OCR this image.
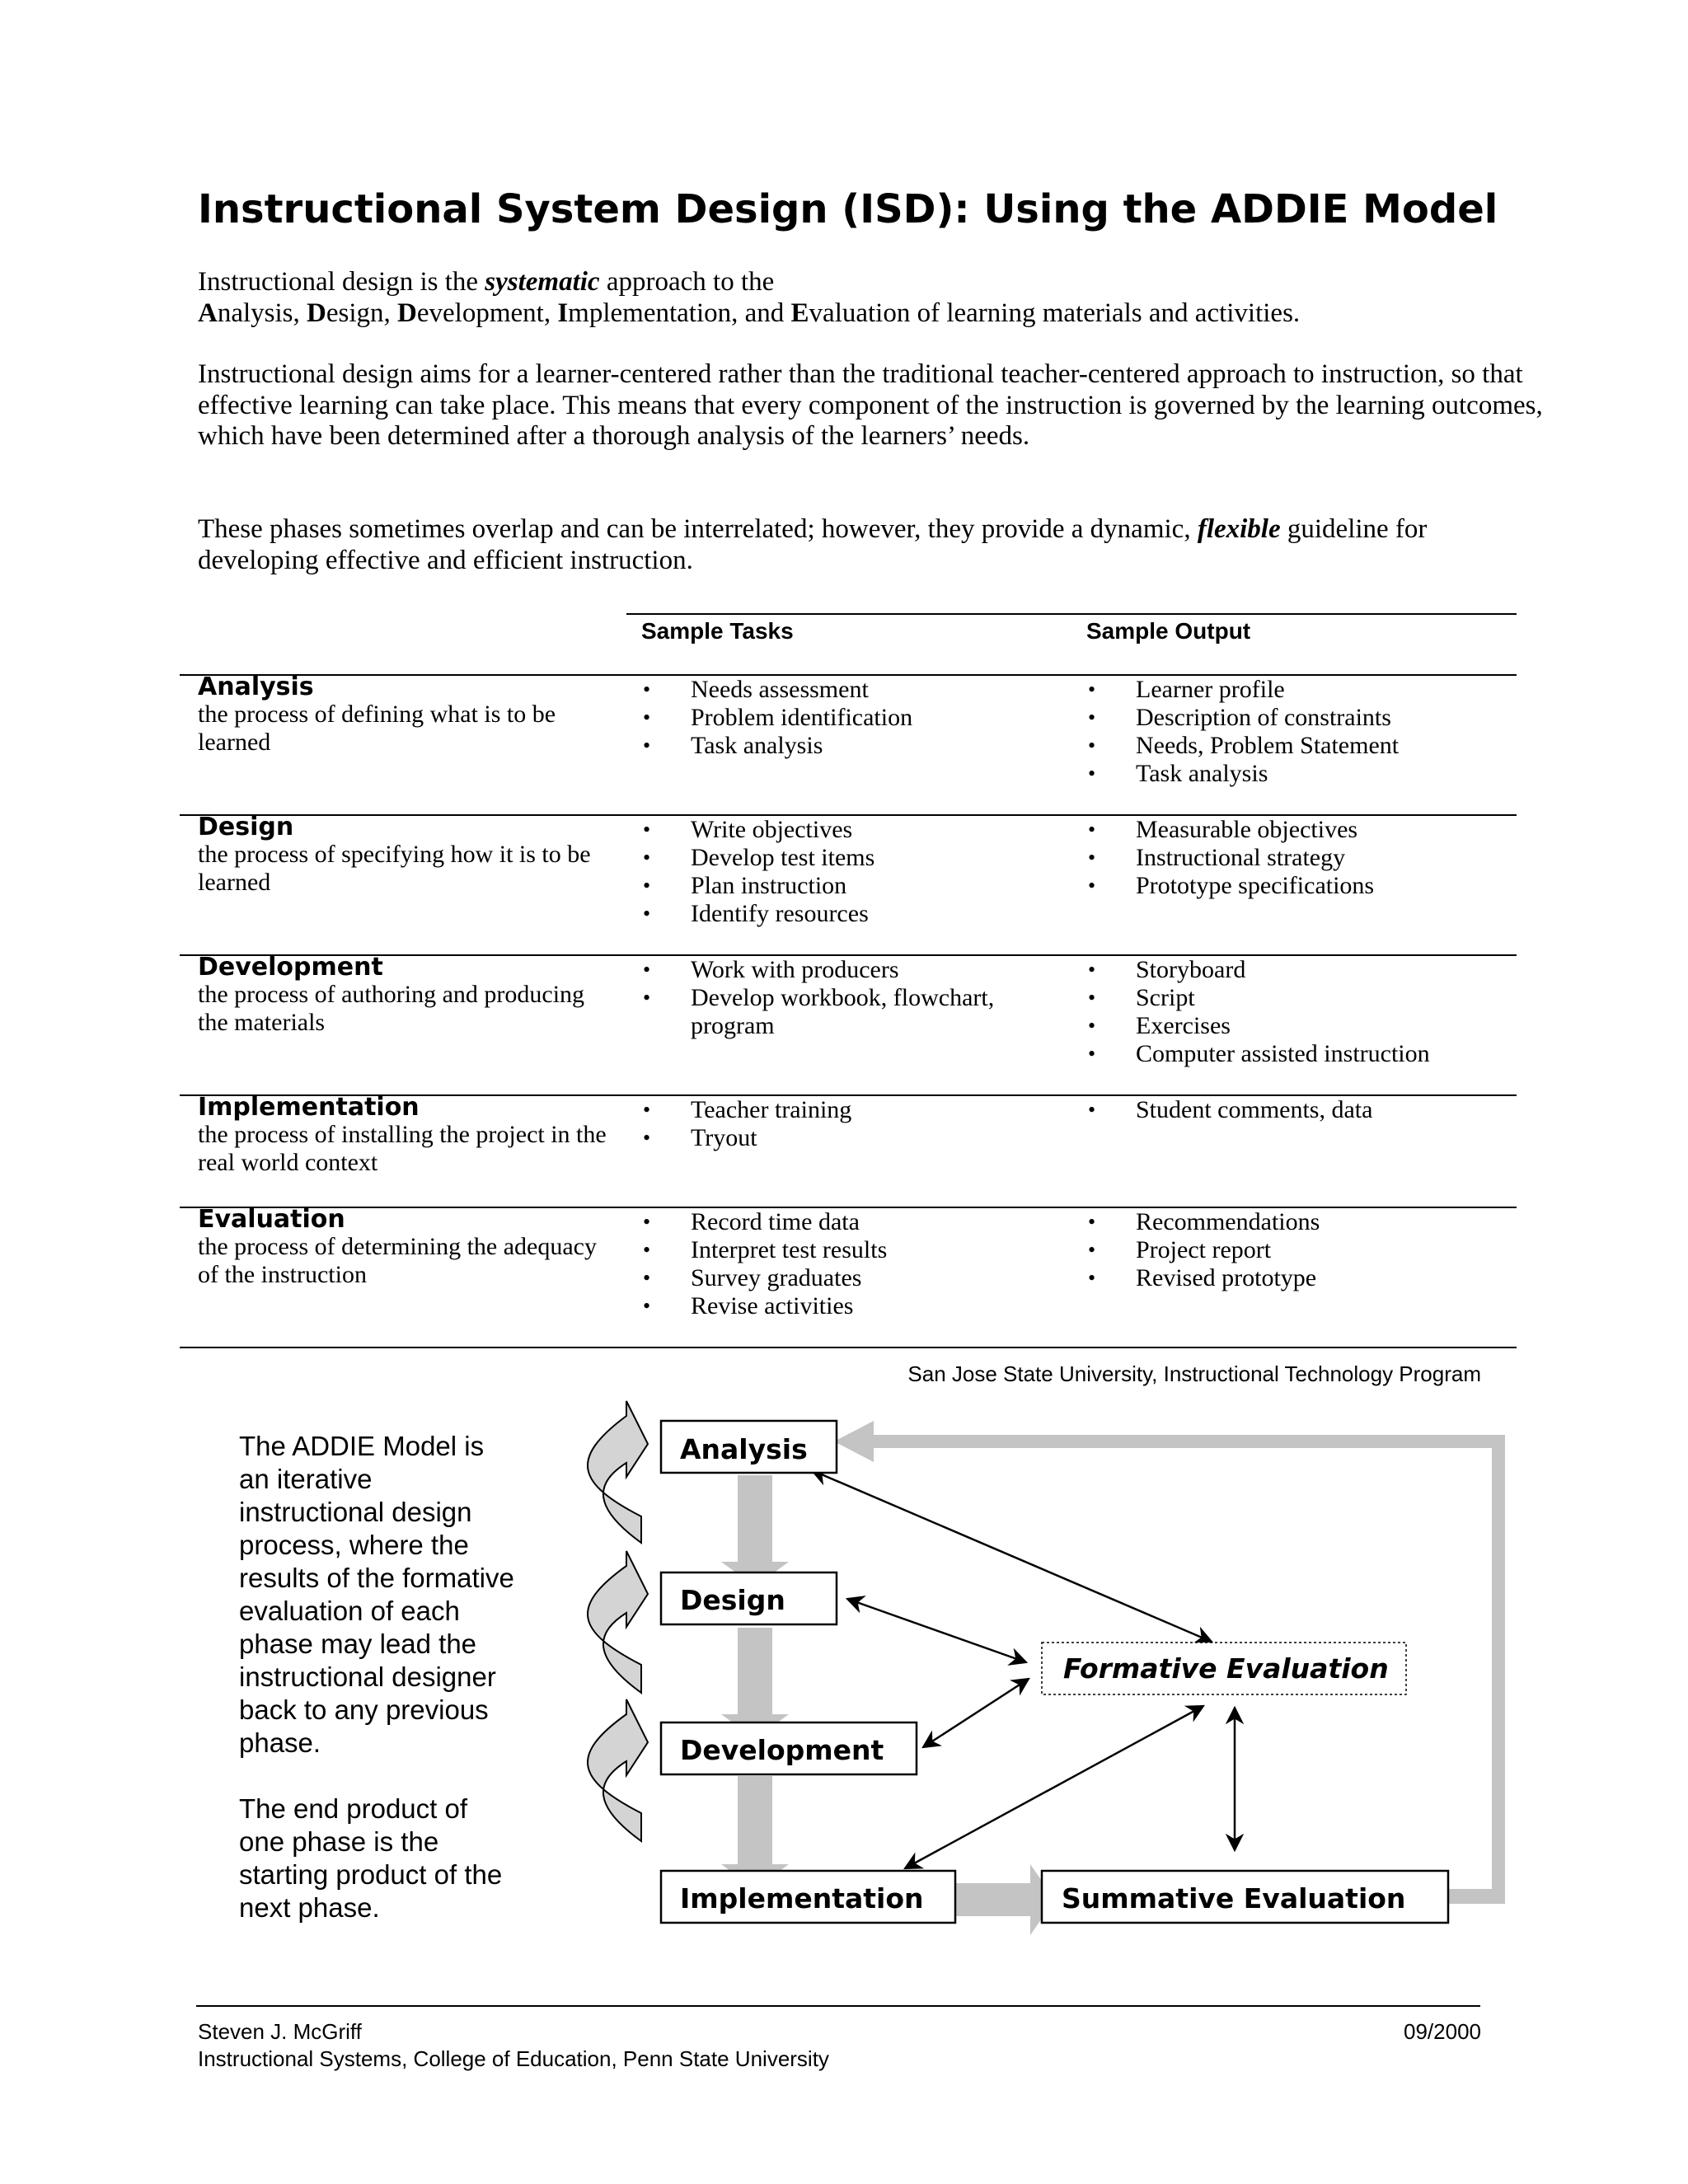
Instructional System Design (ISD): Using the ADDIE Model
Instructional design is the systematic approach to the
Analysis, Design, Development, Implementation, and Evaluation of learning materials and activities.
Instructional design aims for a learner-centered rather than the traditional teacher-centered approach to instruction, so that effective learning can take place. This means that every component of the instruction is governed by the learning outcomes, which have been determined after a thorough analysis of the learners’ needs.
These phases sometimes overlap and can be interrelated; however, they provide a dynamic, flexible guideline for developing effective and efficient instruction.
Sample Tasks	Sample Output
Analysis
the process of defining what is to be learned
• Needs assessment
• Problem identification
• Task analysis
• Learner profile
• Description of constraints
• Needs, Problem Statement
• Task analysis
Design
the process of specifying how it is to be learned
• Write objectives
• Develop test items
• Plan instruction
• Identify resources
• Measurable objectives
• Instructional strategy
• Prototype specifications
Development
the process of authoring and producing the materials
• Work with producers
• Develop workbook, flowchart, program
• Storyboard
• Script
• Exercises
• Computer assisted instruction
Implementation
the process of installing the project in the real world context
• Teacher training
• Tryout
• Student comments, data
Evaluation
the process of determining the adequacy of the instruction
• Record time data
• Interpret test results
• Survey graduates
• Revise activities
• Recommendations
• Project report
• Revised prototype
San Jose State University, Instructional Technology Program

The ADDIE Model is an iterative instructional design process, where the results of the formative evaluation of each phase may lead the instructional designer back to any previous phase.

The end product of one phase is the starting product of the next phase.

Analysis
Design
Development
Implementation
Formative Evaluation
Summative Evaluation
Steven J. McGriff
Instructional Systems, College of Education, Penn State University
09/2000
